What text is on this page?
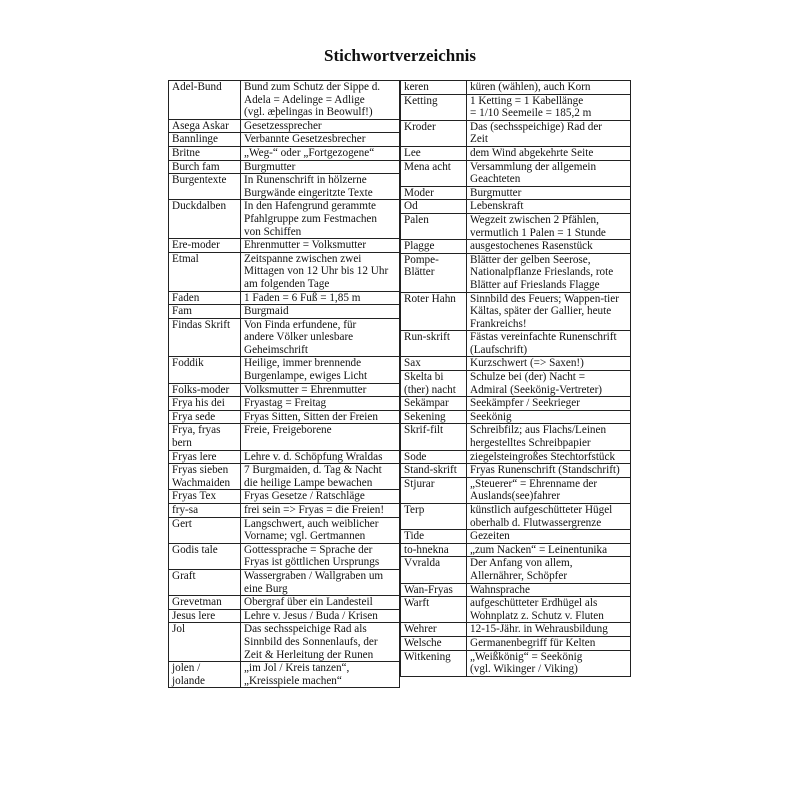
Stichwortverzeichnis
Adel-Bund	Bund zum Schutz der Sippe d.
Adela = Adelinge = Adlige
(vgl. æþelingas in Beowulf!)
Asega Askar	Gesetzessprecher
Bannlinge	Verbannte Gesetzesbrecher
Britne	„Weg-“ oder „Fortgezogene“
Burch fam	Burgmutter
Burgentexte	In Runenschrift in hölzerne
Burgwände eingeritzte Texte
Duckdalben	In den Hafengrund gerammte
Pfahlgruppe zum Festmachen
von Schiffen
Ere-moder	Ehrenmutter = Volksmutter
Etmal	Zeitspanne zwischen zwei
Mittagen von 12 Uhr bis 12 Uhr
am folgenden Tage
Faden	1 Faden = 6 Fuß = 1,85 m
Fam	Burgmaid
Findas Skrift	Von Finda erfundene, für
andere Völker unlesbare
Geheimschrift
Foddik	Heilige, immer brennende
Burgenlampe, ewiges Licht
Folks-moder	Volksmutter = Ehrenmutter
Frya his dei	Fryastag = Freitag
Frya sede	Fryas Sitten, Sitten der Freien
Frya, fryas
bern	Freie, Freigeborene
Fryas lere	Lehre v. d. Schöpfung Wraldas
Fryas sieben
Wachmaiden	7 Burgmaiden, d. Tag & Nacht
die heilige Lampe bewachen
Fryas Tex	Fryas Gesetze / Ratschläge
fry-sa	frei sein => Fryas = die Freien!
Gert	Langschwert, auch weiblicher
Vorname; vgl. Gertmannen
Godis tale	Gottessprache = Sprache der
Fryas ist göttlichen Ursprungs
Graft	Wassergraben / Wallgraben um
eine Burg
Grevetman	Obergraf über ein Landesteil
Jesus lere	Lehre v. Jesus / Buda / Krisen
Jol	Das sechsspeichige Rad als
Sinnbild des Sonnenlaufs, der
Zeit & Herleitung der Runen
jolen /
jolande	„im Jol / Kreis tanzen“,
„Kreisspiele machen“
keren	küren (wählen), auch Korn
Ketting	1 Ketting = 1 Kabellänge
= 1/10 Seemeile = 185,2 m
Kroder	Das (sechsspeichige) Rad der
Zeit
Lee	dem Wind abgekehrte Seite
Mena acht	Versammlung der allgemein
Geachteten
Moder	Burgmutter
Od	Lebenskraft
Palen	Wegzeit zwischen 2 Pfählen,
vermutlich 1 Palen = 1 Stunde
Plagge	ausgestochenes Rasenstück
Pompe-
Blätter	Blätter der gelben Seerose,
Nationalpflanze Frieslands, rote
Blätter auf Frieslands Flagge
Roter Hahn	Sinnbild des Feuers; Wappen-tier
Kältas, später der Gallier, heute
Frankreichs!
Run-skrift	Fästas vereinfachte Runenschrift
(Laufschrift)
Sax	Kurzschwert (=> Saxen!)
Skelta bi
(ther) nacht	Schulze bei (der) Nacht =
Admiral (Seekönig-Vertreter)
Sekämpar	Seekämpfer / Seekrieger
Sekening	Seekönig
Skrif-filt	Schreibfilz; aus Flachs/Leinen
hergestelltes Schreibpapier
Sode	ziegelsteingroßes Stechtorfstück
Stand-skrift	Fryas Runenschrift (Standschrift)
Stjurar	„Steuerer“ = Ehrenname der
Auslands(see)fahrer
Terp	künstlich aufgeschütteter Hügel
oberhalb d. Flutwassergrenze
Tide	Gezeiten
to-hnekna	„zum Nacken“ = Leinentunika
Vvralda	Der Anfang von allem,
Allernährer, Schöpfer
Wan-Fryas	Wahnsprache
Warft	aufgeschütteter Erdhügel als
Wohnplatz z. Schutz v. Fluten
Wehrer	12-15-Jähr. in Wehrausbildung
Welsche	Germanenbegriff für Kelten
Witkening	„Weißkönig“ = Seekönig
(vgl. Wikinger / Viking)
